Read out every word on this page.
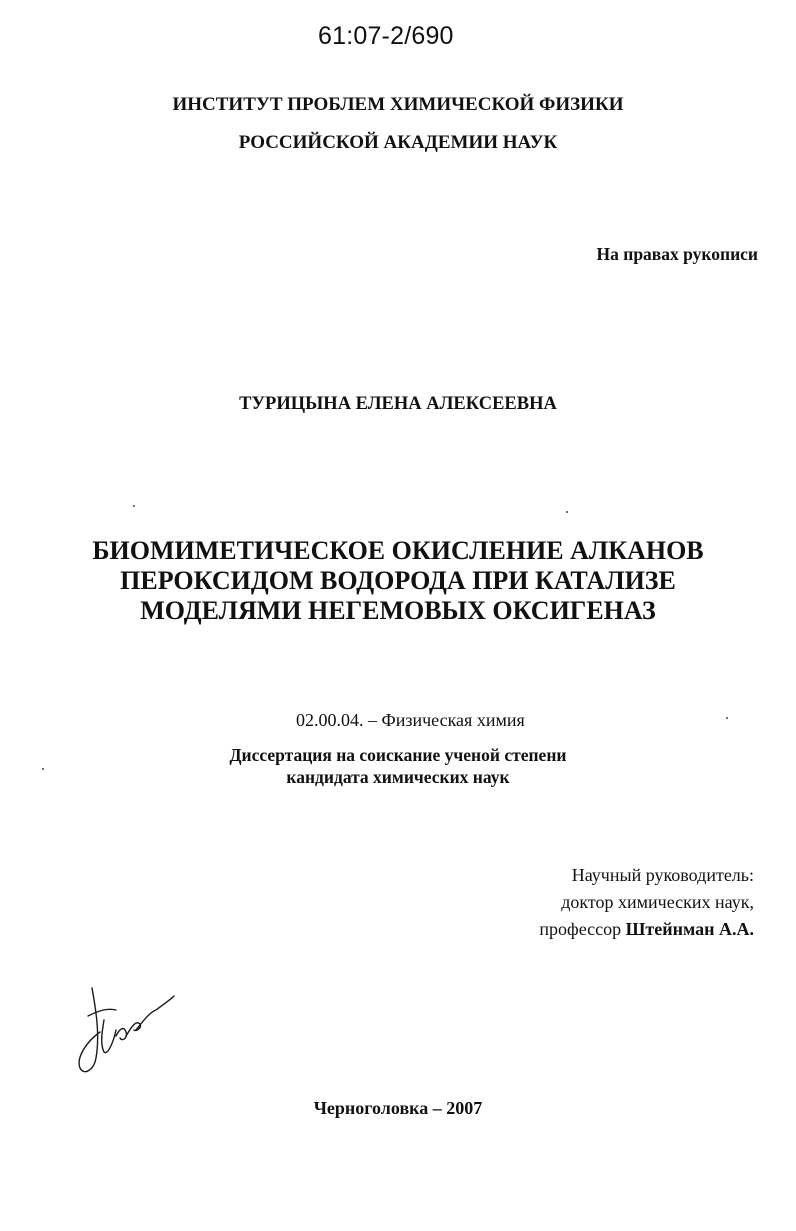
61:07-2/690
ИНСТИТУТ ПРОБЛЕМ ХИМИЧЕСКОЙ ФИЗИКИ
РОССИЙСКОЙ АКАДЕМИИ НАУК
На правах рукописи
ТУРИЦЫНА ЕЛЕНА АЛЕКСЕЕВНА
БИОМИМЕТИЧЕСКОЕ ОКИСЛЕНИЕ АЛКАНОВ
ПЕРОКСИДОМ ВОДОРОДА ПРИ КАТАЛИЗЕ
МОДЕЛЯМИ НЕГЕМОВЫХ ОКСИГЕНАЗ
02.00.04. – Физическая химия
Диссертация на соискание ученой степени
кандидата химических наук
Научный руководитель:
доктор химических наук,
профессор Штейнман А.А.
Черноголовка – 2007
